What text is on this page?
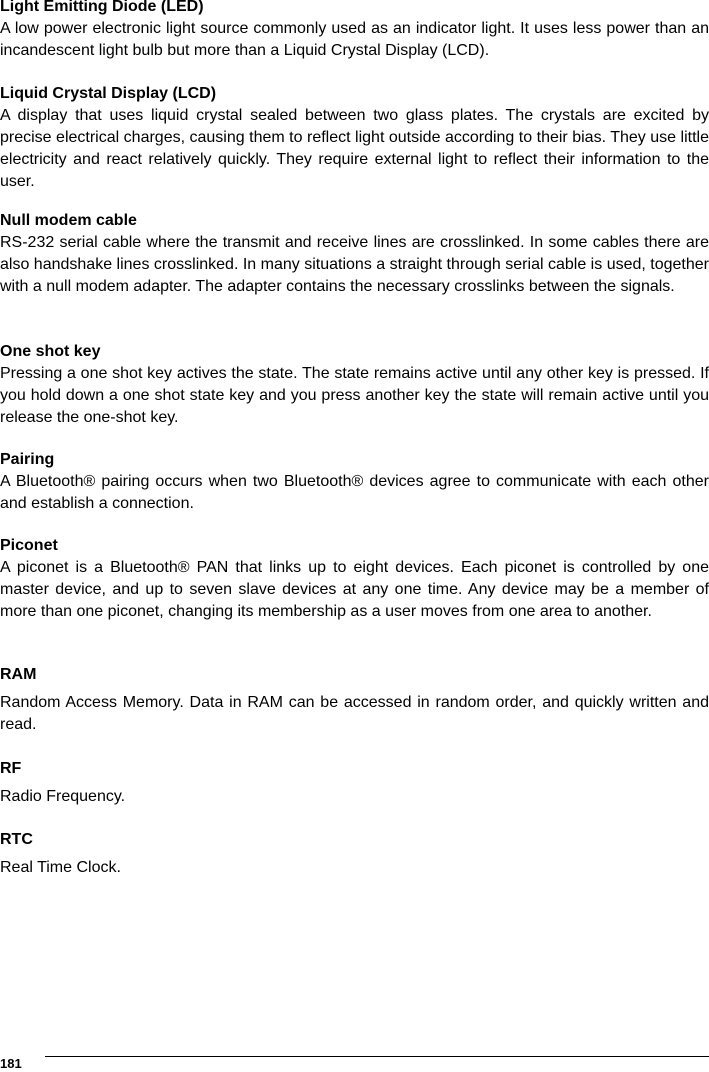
Light Emitting Diode (LED)

A low power electronic light source commonly used as an indicator light. It uses less power than an incandescent light bulb but more than a Liquid Crystal Display (LCD).

Liquid Crystal Display (LCD)

A display that uses liquid crystal sealed between two glass plates. The crystals are excited by precise electrical charges, causing them to reflect light outside according to their bias. They use little electricity and react relatively quickly. They require external light to reflect their information to the user.

Null modem cable

RS-232 serial cable where the transmit and receive lines are crosslinked. In some cables there are also handshake lines crosslinked. In many situations a straight through serial cable is used, together with a null modem adapter. The adapter contains the necessary crosslinks between the signals.

One shot key

Pressing a one shot key actives the state. The state remains active until any other key is pressed. If you hold down a one shot state key and you press another key the state will remain active until you release the one-shot key.

Pairing

A Bluetooth® pairing occurs when two Bluetooth® devices agree to communicate with each other and establish a connection.

Piconet

A piconet is a Bluetooth® PAN that links up to eight devices. Each piconet is controlled by one master device, and up to seven slave devices at any one time. Any device may be a member of more than one piconet, changing its membership as a user moves from one area to another.

RAM

Random Access Memory. Data in RAM can be accessed in random order, and quickly written and read.

RF

Radio Frequency.

RTC

Real Time Clock.

181
